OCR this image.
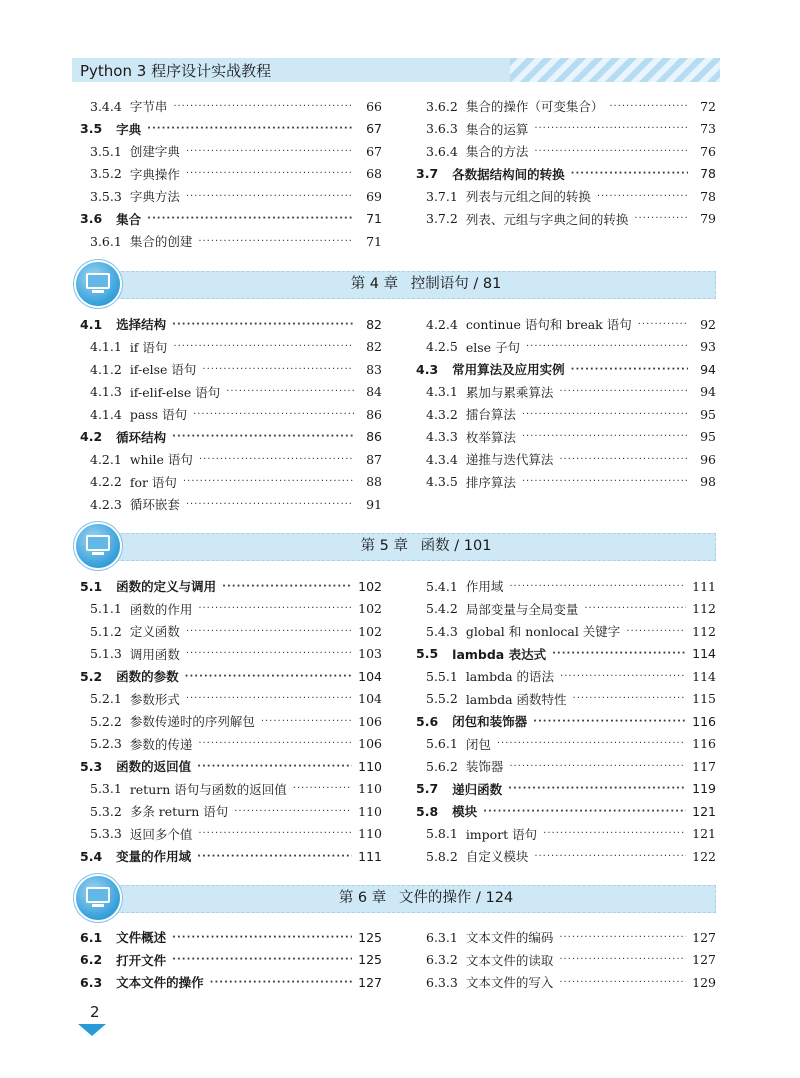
Python 3 程序设计实战教程
3.4.4 字节串 ·····	66
3.5 字典 ·····	67
3.5.1 创建字典 ·····	67
3.5.2 字典操作 ·····	68
3.5.3 字典方法 ·····	69
3.6 集合 ·····	71
3.6.1 集合的创建 ·····	71
3.6.2 集合的操作（可变集合） ·····	72
3.6.3 集合的运算 ·····	73
3.6.4 集合的方法 ·····	76
3.7 各数据结构间的转换 ·····	78
3.7.1 列表与元组之间的转换 ·····	78
3.7.2 列表、元组与字典之间的转换 ·····	79
第 4 章 控制语句 / 81
4.1 选择结构 ·····	82
4.1.1 if 语句 ·····	82
4.1.2 if-else 语句 ·····	83
4.1.3 if-elif-else 语句 ·····	84
4.1.4 pass 语句 ·····	86
4.2 循环结构 ·····	86
4.2.1 while 语句 ·····	87
4.2.2 for 语句 ·····	88
4.2.3 循环嵌套 ·····	91
4.2.4 continue 语句和 break 语句 ·····	92
4.2.5 else 子句 ·····	93
4.3 常用算法及应用实例 ·····	94
4.3.1 累加与累乘算法 ·····	94
4.3.2 擂台算法 ·····	95
4.3.3 枚举算法 ·····	95
4.3.4 递推与迭代算法 ·····	96
4.3.5 排序算法 ·····	98
第 5 章 函数 / 101
5.1 函数的定义与调用 ·····	102
5.1.1 函数的作用 ·····	102
5.1.2 定义函数 ·····	102
5.1.3 调用函数 ·····	103
5.2 函数的参数 ·····	104
5.2.1 参数形式 ·····	104
5.2.2 参数传递时的序列解包 ·····	106
5.2.3 参数的传递 ·····	106
5.3 函数的返回值 ·····	110
5.3.1 return 语句与函数的返回值 ·····	110
5.3.2 多条 return 语句 ·····	110
5.3.3 返回多个值 ·····	110
5.4 变量的作用域 ·····	111
5.4.1 作用域 ·····	111
5.4.2 局部变量与全局变量 ·····	112
5.4.3 global 和 nonlocal 关键字 ·····	112
5.5 lambda 表达式 ·····	114
5.5.1 lambda 的语法 ·····	114
5.5.2 lambda 函数特性 ·····	115
5.6 闭包和装饰器 ·····	116
5.6.1 闭包 ·····	116
5.6.2 装饰器 ·····	117
5.7 递归函数 ·····	119
5.8 模块 ·····	121
5.8.1 import 语句 ·····	121
5.8.2 自定义模块 ·····	122
第 6 章 文件的操作 / 124
6.1 文件概述 ·····	125
6.2 打开文件 ·····	125
6.3 文本文件的操作 ·····	127
6.3.1 文本文件的编码 ·····	127
6.3.2 文本文件的读取 ·····	127
6.3.3 文本文件的写入 ·····	129
2
